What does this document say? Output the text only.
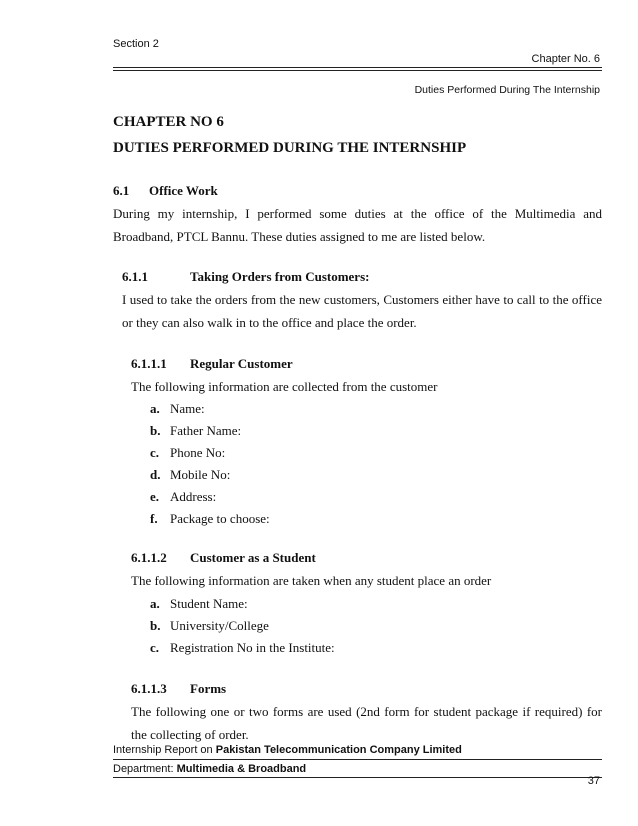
Section 2
Chapter No. 6
Duties Performed During The Internship
CHAPTER NO 6
DUTIES PERFORMED DURING THE INTERNSHIP
6.1 Office Work
During my internship, I performed some duties at the office of the Multimedia and Broadband, PTCL Bannu. These duties assigned to me are listed below.
6.1.1	Taking Orders from Customers:
I used to take the orders from the new customers, Customers either have to call to the office or they can also walk in to the office and place the order.
6.1.1.1 Regular Customer
The following information are collected from the customer
a. Name:
b. Father Name:
c. Phone No:
d. Mobile No:
e. Address:
f. Package to choose:
6.1.1.2 Customer as a Student
The following information are taken when any student place an order
a. Student Name:
b. University/College
c. Registration No in the Institute:
6.1.1.3 Forms
The following one or two forms are used (2nd form for student package if required) for the collecting of order.
Internship Report on Pakistan Telecommunication Company Limited
Department: Multimedia & Broadband
37
